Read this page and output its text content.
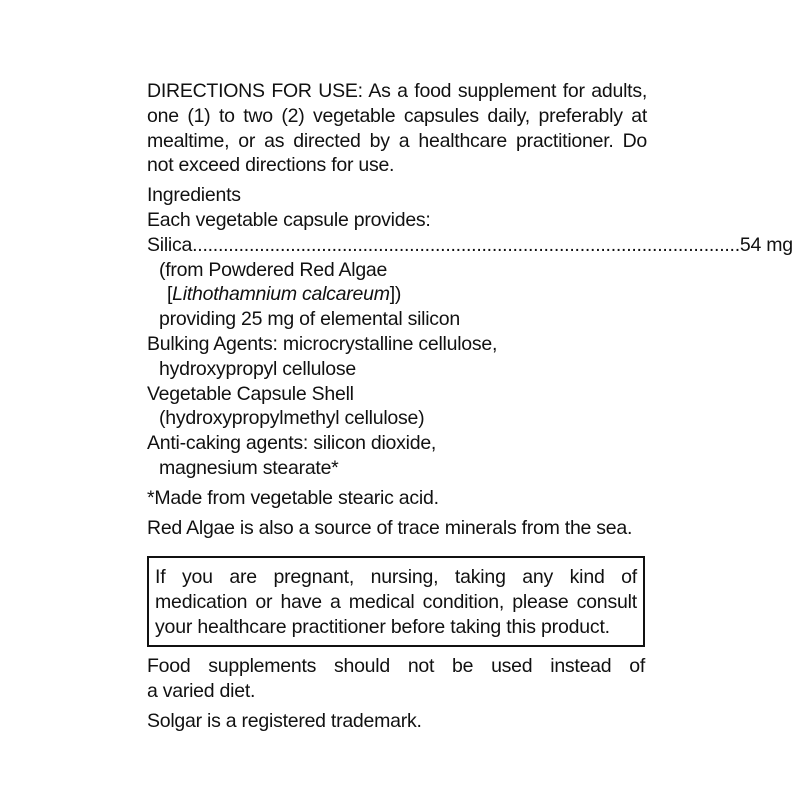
DIRECTIONS FOR USE: As a food supplement for adults,
one (1) to two (2) vegetable capsules daily, preferably at
mealtime, or as directed by a healthcare practitioner. Do
not exceed directions for use.
Ingredients
Each vegetable capsule provides:
Silica .......................................................................................................... 54 mg
(from Powdered Red Algae
[Lithothamnium calcareum])
providing 25 mg of elemental silicon
Bulking Agents: microcrystalline cellulose,
hydroxypropyl cellulose
Vegetable Capsule Shell
(hydroxypropylmethyl cellulose)
Anti-caking agents: silicon dioxide,
magnesium stearate*
*Made from vegetable stearic acid.
Red Algae is also a source of trace minerals from the sea.
If you are pregnant, nursing, taking any kind of
medication or have a medical condition, please consult
your healthcare practitioner before taking this product.
Food supplements should not be used instead of
a varied diet.
Solgar is a registered trademark.
